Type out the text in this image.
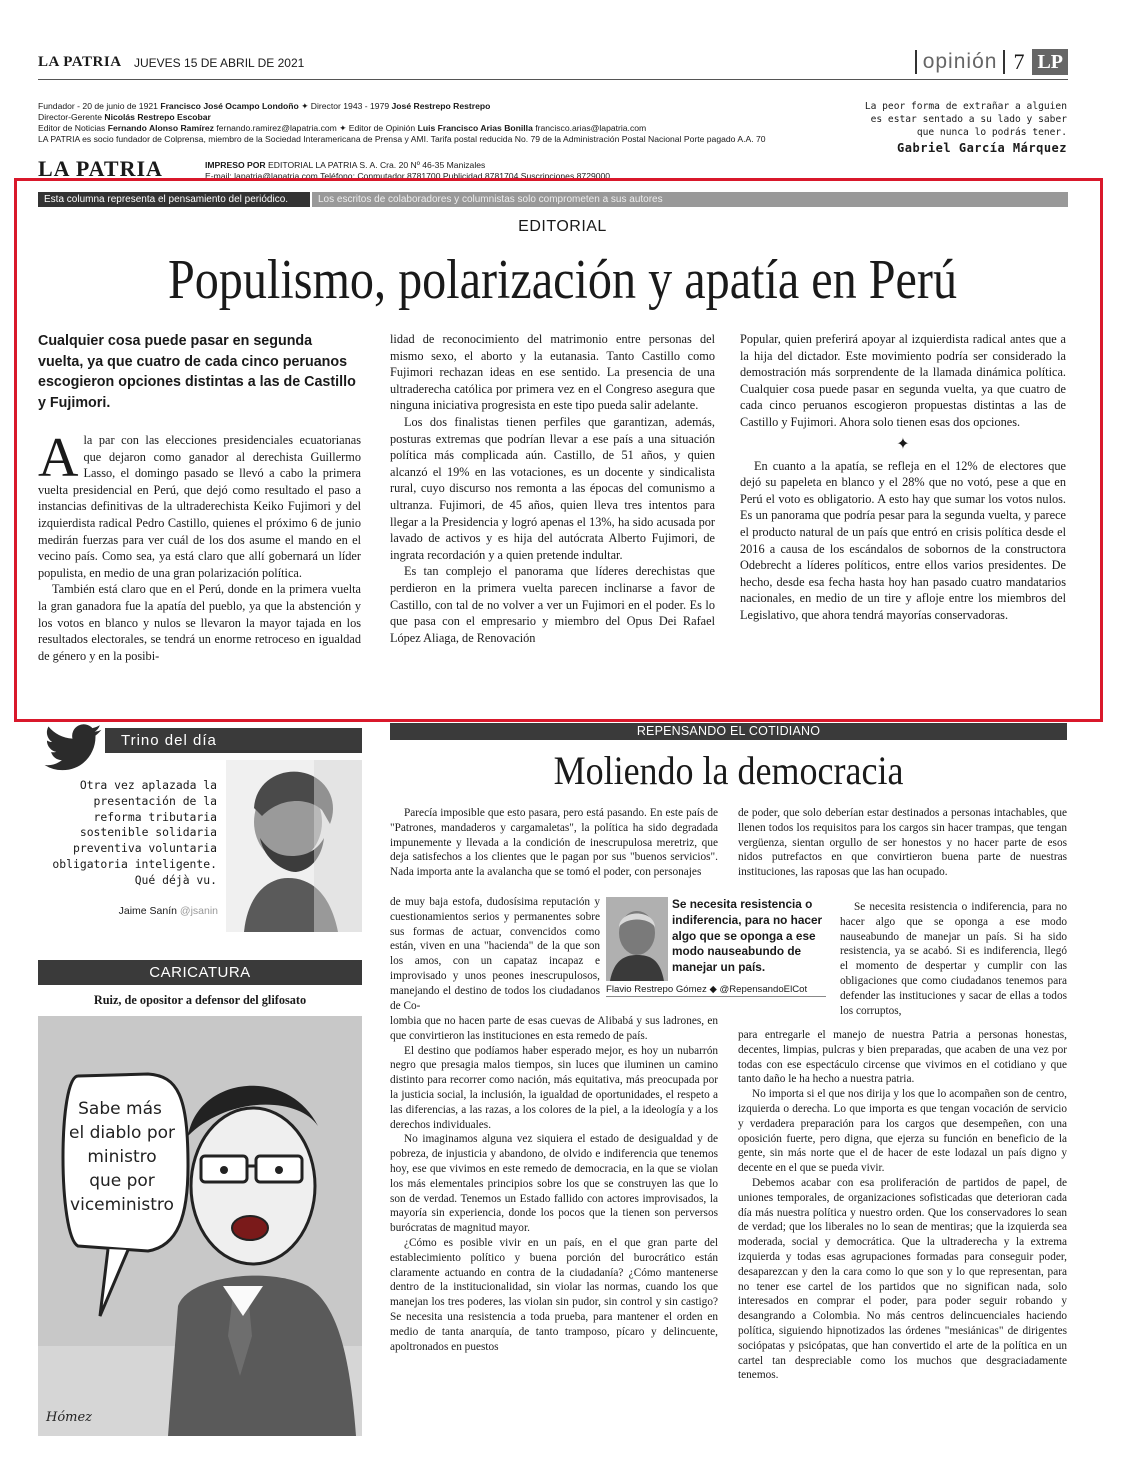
LA PATRIA JUEVES 15 DE ABRIL DE 2021	opinión 7 LP
Fundador - 20 de junio de 1921 Francisco José Ocampo Londoño ✦ Director 1943 - 1979 José Restrepo Restrepo
Director-Gerente Nicolás Restrepo Escobar
Editor de Noticias Fernando Alonso Ramírez fernando.ramirez@lapatria.com ✦ Editor de Opinión Luis Francisco Arias Bonilla francisco.arias@lapatria.com
LA PATRIA es socio fundador de Colprensa, miembro de la Sociedad Interamericana de Prensa y AMI. Tarifa postal reducida No. 79 de la Administración Postal Nacional Porte pagado A.A. 70
La peor forma de extrañar a alguien es estar sentado a su lado y saber que nunca lo podrás tener.
Gabriel García Márquez
LA PATRIA	IMPRESO POR EDITORIAL LA PATRIA S. A. Cra. 20 Nº 46-35 Manizales
E-mail: lapatria@lapatria.com Teléfono: Conmutador 8781700 Publicidad 8781704 Suscripciones 8729000
Esta columna representa el pensamiento del periódico.	Los escritos de colaboradores y columnistas solo comprometen a sus autores
EDITORIAL
Populismo, polarización y apatía en Perú
Cualquier cosa puede pasar en segunda vuelta, ya que cuatro de cada cinco peruanos escogieron opciones distintas a las de Castillo y Fujimori.

Ala par con las elecciones presidenciales ecuatorianas que dejaron como ganador al derechista Guillermo Lasso, el domingo pasado se llevó a cabo la primera vuelta presidencial en Perú, que dejó como resultado el paso a instancias definitivas de la ultraderechista Keiko Fujimori y del izquierdista radical Pedro Castillo, quienes el próximo 6 de junio medirán fuerzas para ver cuál de los dos asume el mando en el vecino país. Como sea, ya está claro que allí gobernará un líder populista, en medio de una gran polarización política.

También está claro que en el Perú, donde en la primera vuelta la gran ganadora fue la apatía del pueblo, ya que la abstención y los votos en blanco y nulos se llevaron la mayor tajada en los resultados electorales, se tendrá un enorme retroceso en igualdad de género y en la posibi-

lidad de reconocimiento del matrimonio entre personas del mismo sexo, el aborto y la eutanasia. Tanto Castillo como Fujimori rechazan ideas en ese sentido. La presencia de una ultraderecha católica por primera vez en el Congreso asegura que ninguna iniciativa progresista en este tipo pueda salir adelante.

Los dos finalistas tienen perfiles que garantizan, además, posturas extremas que podrían llevar a ese país a una situación política más complicada aún. Castillo, de 51 años, y quien alcanzó el 19% en las votaciones, es un docente y sindicalista rural, cuyo discurso nos remonta a las épocas del comunismo a ultranza. Fujimori, de 45 años, quien lleva tres intentos para llegar a la Presidencia y logró apenas el 13%, ha sido acusada por lavado de activos y es hija del autócrata Alberto Fujimori, de ingrata recordación y a quien pretende indultar.

Es tan complejo el panorama que líderes derechistas que perdieron en la primera vuelta parecen inclinarse a favor de Castillo, con tal de no volver a ver un Fujimori en el poder. Es lo que pasa con el empresario y miembro del Opus Dei Rafael López Aliaga, de Renovación

Popular, quien preferirá apoyar al izquierdista radical antes que a la hija del dictador. Este movimiento podría ser considerado la demostración más sorprendente de la llamada dinámica política. Cualquier cosa puede pasar en segunda vuelta, ya que cuatro de cada cinco peruanos escogieron propuestas distintas a las de Castillo y Fujimori. Ahora solo tienen esas dos opciones.

✦

En cuanto a la apatía, se refleja en el 12% de electores que dejó su papeleta en blanco y el 28% que no votó, pese a que en Perú el voto es obligatorio. A esto hay que sumar los votos nulos. Es un panorama que podría pesar para la segunda vuelta, y parece el producto natural de un país que entró en crisis política desde el 2016 a causa de los escándalos de sobornos de la constructora Odebrecht a líderes políticos, entre ellos varios presidentes. De hecho, desde esa fecha hasta hoy han pasado cuatro mandatarios nacionales, en medio de un tire y afloje entre los miembros del Legislativo, que ahora tendrá mayorías conservadoras.

Trino del día
Otra vez aplazada la presentación de la reforma tributaria sostenible solidaria preventiva voluntaria obligatoria inteligente. Qué déjà vu.
Jaime Sanín @jsanin
CARICATURA
Ruiz, de opositor a defensor del glifosato
Sabe más
el diablo por
ministro
que por
viceministro
Hómez
REPENSANDO EL COTIDIANO
Moliendo la democracia

Parecía imposible que esto pasara, pero está pasando. En este país de "Patrones, mandaderos y cargamaletas", la política ha sido degradada impunemente y llevada a la condición de inescrupulosa meretriz, que deja satisfechos a los clientes que le pagan por sus "buenos servicios". Nada importa ante la avalancha que se tomó el poder, con personajes

de muy baja estofa, dudosísima reputación y cuestionamientos serios y permanentes sobre sus formas de actuar, convencidos como están, viven en una "hacienda" de la que son los amos, con un capataz incapaz e improvisado y unos peones inescrupulosos, manejando el destino de todos los ciudadanos de Co-

Se necesita resistencia o indiferencia, para no hacer algo que se oponga a ese modo nauseabundo de manejar un país.
Flavio Restrepo Gómez ◆ @RepensandoElCot

lombia que no hacen parte de esas cuevas de Alibabá y sus ladrones, en que convirtieron las instituciones en esta remedo de país.

El destino que podíamos haber esperado mejor, es hoy un nubarrón negro que presagia malos tiempos, sin luces que iluminen un camino distinto para recorrer como nación, más equitativa, más preocupada por la justicia social, la inclusión, la igualdad de oportunidades, el respeto a las diferencias, a las razas, a los colores de la piel, a la ideología y a los derechos individuales.

No imaginamos alguna vez siquiera el estado de desigualdad y de pobreza, de injusticia y abandono, de olvido e indiferencia que tenemos hoy, ese que vivimos en este remedo de democracia, en la que se violan los más elementales principios sobre los que se construyen las que lo son de verdad. Tenemos un Estado fallido con actores improvisados, la mayoría sin experiencia, donde los pocos que la tienen son perversos burócratas de magnitud mayor.

¿Cómo es posible vivir en un país, en el que gran parte del establecimiento político y buena porción del burocrático están claramente actuando en contra de la ciudadanía? ¿Cómo mantenerse dentro de la institucionalidad, sin violar las normas, cuando los que manejan los tres poderes, las violan sin pudor, sin control y sin castigo? Se necesita una resistencia a toda prueba, para mantener el orden en medio de tanta anarquía, de tanto tramposo, pícaro y delincuente, apoltronados en puestos

de poder, que solo deberían estar destinados a personas intachables, que llenen todos los requisitos para los cargos sin hacer trampas, que tengan vergüenza, sientan orgullo de ser honestos y no hacer parte de esos nidos putrefactos en que convirtieron buena parte de nuestras instituciones, las raposas que las han ocupado.

Se necesita resistencia o indiferencia, para no hacer algo que se oponga a ese modo nauseabundo de manejar un país. Si ha sido resistencia, ya se acabó. Si es indiferencia, llegó el momento de despertar y cumplir con las obligaciones que como ciudadanos tenemos para defender las instituciones y sacar de ellas a todos los corruptos,

para entregarle el manejo de nuestra Patria a personas honestas, decentes, limpias, pulcras y bien preparadas, que acaben de una vez por todas con ese espectáculo circense que vivimos en el cotidiano y que tanto daño le ha hecho a nuestra patria.

No importa si el que nos dirija y los que lo acompañen son de centro, izquierda o derecha. Lo que importa es que tengan vocación de servicio y verdadera preparación para los cargos que desempeñen, con una oposición fuerte, pero digna, que ejerza su función en beneficio de la gente, sin más norte que el de hacer de este lodazal un país digno y decente en el que se pueda vivir.

Debemos acabar con esa proliferación de partidos de papel, de uniones temporales, de organizaciones sofisticadas que deterioran cada día más nuestra política y nuestro orden. Que los conservadores lo sean de verdad; que los liberales no lo sean de mentiras; que la izquierda sea moderada, social y democrática. Que la ultraderecha y la extrema izquierda y todas esas agrupaciones formadas para conseguir poder, desaparezcan y den la cara como lo que son y lo que representan, para no tener ese cartel de los partidos que no significan nada, solo interesados en comprar el poder, para poder seguir robando y desangrando a Colombia. No más centros delincuenciales haciendo política, siguiendo hipnotizados las órdenes "mesiánicas" de dirigentes sociópatas y psicópatas, que han convertido el arte de la política en un cartel tan despreciable como los muchos que desgraciadamente tenemos.
